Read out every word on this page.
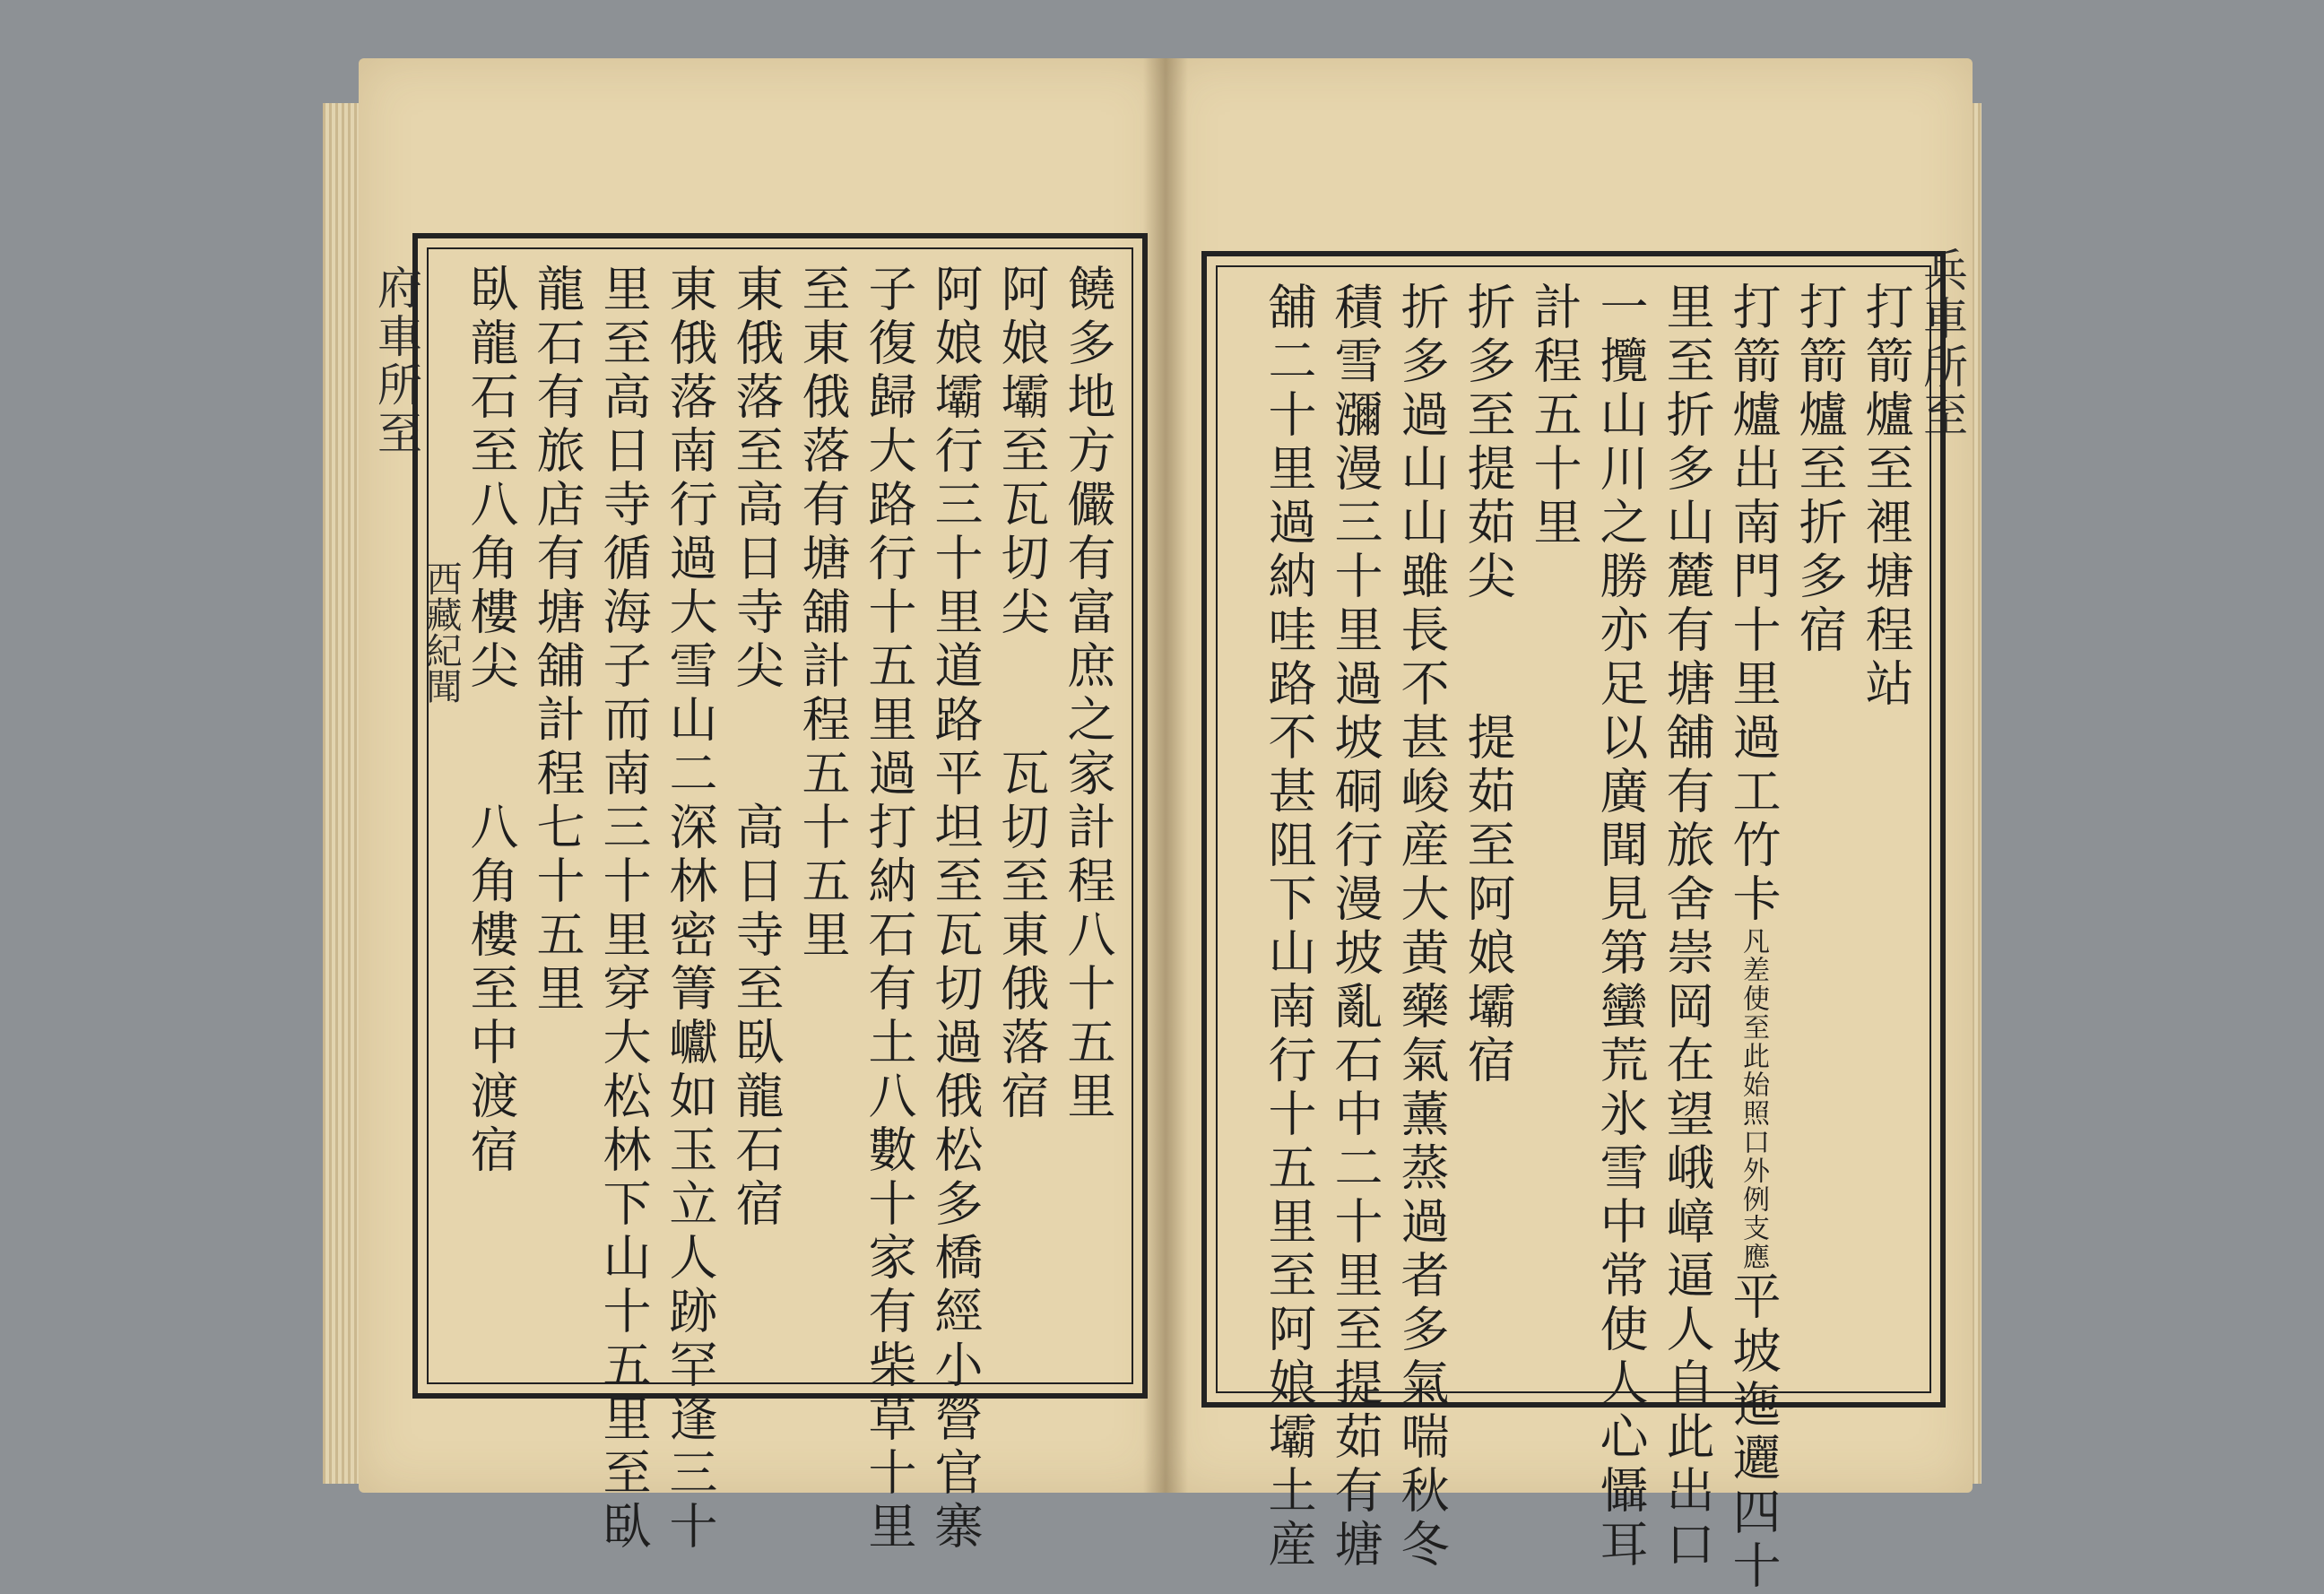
府車所至
西藏紀聞	饒多地方儼有富庶之家計程八十五里
阿娘壩至瓦切尖　　瓦切至東俄落宿
阿娘壩行三十里道路平坦至瓦切過俄松多橋經小營官寨
子復歸大路行十五里過打納石有土八數十家有柴草十里
至東俄落有塘舖計程五十五里
東俄落至高日寺尖　　高日寺至臥龍石宿
東俄落南行過大雪山二深林密箐巘如玉立人跡罕逢三十
里至高日寺循海子而南三十里穿大松林下山十五里至臥
龍石有旅店有塘舖計程七十五里
臥龍石至八角樓尖　　八角樓至中渡宿	兵車所至
打箭爐至裡塘程站
打箭爐至折多宿
打箭爐出南門十里過工竹卡凡差使至此始照口外例支應平坡迤邐四十
里至折多山麓有塘舖有旅舍崇岡在望峨嶂逼人自此出口
一攬山川之勝亦足以廣聞見第蠻荒氷雪中常使人心懾耳
計程五十里
折多至提茹尖　　提茹至阿娘壩宿
折多過山山雖長不甚峻産大黄藥氣薰蒸過者多氣喘秋冬
積雪瀰漫三十里過坡硐行漫坡亂石中二十里至提茹有塘
舖二十里過納哇路不甚阻下山南行十五里至阿娘壩土産
